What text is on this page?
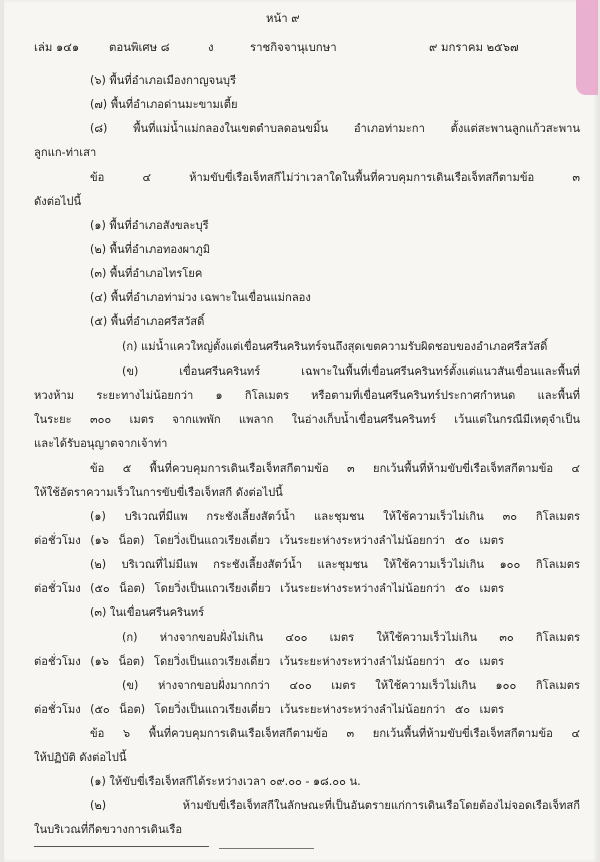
หน้า ๙
เล่ม ๑๔๑	ตอนพิเศษ ๘	ง	ราชกิจจานุเบกษา	๙ มกราคม ๒๕๖๗
(๖) พื้นที่อำเภอเมืองกาญจนบุรี
(๗) พื้นที่อำเภอด่านมะขามเตี้ย
(๘) พื้นที่แม่น้ำแม่กลองในเขตตำบลดอนขมิ้น อำเภอท่ามะกา ตั้งแต่สะพานลูกแก้วสะพาน
ลูกแก-ท่าเสา
ข้อ ๔ ห้ามขับขี่เรือเจ็ทสกีไม่ว่าเวลาใดในพื้นที่ควบคุมการเดินเรือเจ็ทสกีตามข้อ ๓
ดังต่อไปนี้
(๑) พื้นที่อำเภอสังขละบุรี
(๒) พื้นที่อำเภอทองผาภูมิ
(๓) พื้นที่อำเภอไทรโยค
(๔) พื้นที่อำเภอท่าม่วง เฉพาะในเขื่อนแม่กลอง
(๕) พื้นที่อำเภอศรีสวัสดิ์
(ก) แม่น้ำแควใหญ่ตั้งแต่เขื่อนศรีนครินทร์จนถึงสุดเขตความรับผิดชอบของอำเภอศรีสวัสดิ์
(ข) เขื่อนศรีนครินทร์ เฉพาะในพื้นที่เขื่อนศรีนครินทร์ตั้งแต่แนวสันเขื่อนและพื้นที่
หวงห้าม ระยะทางไม่น้อยกว่า ๑ กิโลเมตร หรือตามที่เขื่อนศรีนครินทร์ประกาศกำหนด และพื้นที่
ในระยะ ๓๐๐ เมตร จากแพพัก แพลาก ในอ่างเก็บน้ำเขื่อนศรีนครินทร์ เว้นแต่ในกรณีมีเหตุจำเป็น
และได้รับอนุญาตจากเจ้าท่า
ข้อ ๕ พื้นที่ควบคุมการเดินเรือเจ็ทสกีตามข้อ ๓ ยกเว้นพื้นที่ห้ามขับขี่เรือเจ็ทสกีตามข้อ ๔
ให้ใช้อัตราความเร็วในการขับขี่เรือเจ็ทสกี ดังต่อไปนี้
(๑) บริเวณที่มีแพ กระชังเลี้ยงสัตว์น้ำ และชุมชน ให้ใช้ความเร็วไม่เกิน ๓๐ กิโลเมตร
ต่อชั่วโมง (๑๖ น็อต) โดยวิ่งเป็นแถวเรียงเดี่ยว เว้นระยะห่างระหว่างลำไม่น้อยกว่า ๕๐ เมตร
(๒) บริเวณที่ไม่มีแพ กระชังเลี้ยงสัตว์น้ำ และชุมชน ให้ใช้ความเร็วไม่เกิน ๑๐๐ กิโลเมตร
ต่อชั่วโมง (๕๐ น็อต) โดยวิ่งเป็นแถวเรียงเดี่ยว เว้นระยะห่างระหว่างลำไม่น้อยกว่า ๕๐ เมตร
(๓) ในเขื่อนศรีนครินทร์
(ก) ห่างจากขอบฝั่งไม่เกิน ๔๐๐ เมตร ให้ใช้ความเร็วไม่เกิน ๓๐ กิโลเมตร
ต่อชั่วโมง (๑๖ น็อต) โดยวิ่งเป็นแถวเรียงเดี่ยว เว้นระยะห่างระหว่างลำไม่น้อยกว่า ๕๐ เมตร
(ข) ห่างจากขอบฝั่งมากกว่า ๔๐๐ เมตร ให้ใช้ความเร็วไม่เกิน ๑๐๐ กิโลเมตร
ต่อชั่วโมง (๕๐ น็อต) โดยวิ่งเป็นแถวเรียงเดี่ยว เว้นระยะห่างระหว่างลำไม่น้อยกว่า ๕๐ เมตร
ข้อ ๖ พื้นที่ควบคุมการเดินเรือเจ็ทสกีตามข้อ ๓ ยกเว้นพื้นที่ห้ามขับขี่เรือเจ็ทสกีตามข้อ ๔
ให้ปฏิบัติ ดังต่อไปนี้
(๑) ให้ขับขี่เรือเจ็ทสกีได้ระหว่างเวลา ๐๙.๐๐ - ๑๘.๐๐ น.
(๒) ห้ามขับขี่เรือเจ็ทสกีในลักษณะที่เป็นอันตรายแก่การเดินเรือโดยต้องไม่จอดเรือเจ็ทสกี
ในบริเวณที่กีดขวางการเดินเรือ
